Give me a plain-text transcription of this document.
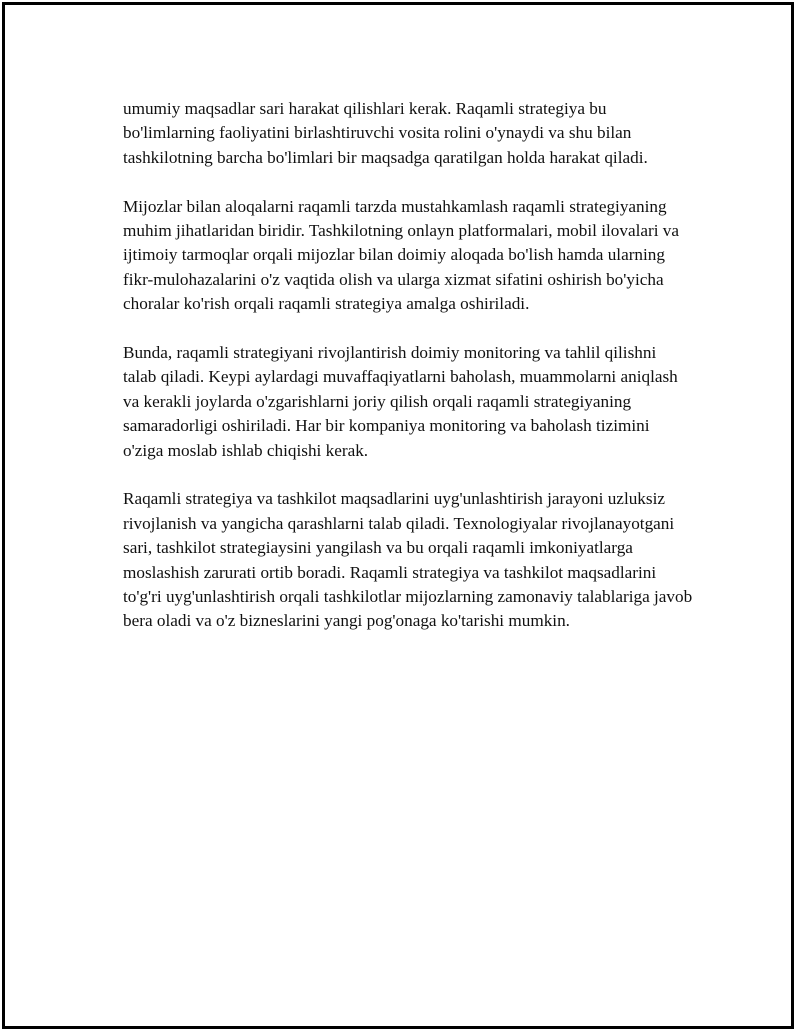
umumiy maqsadlar sari harakat qilishlari kerak. Raqamli strategiya bu bo'limlarning faoliyatini birlashtiruvchi vosita rolini o'ynaydi va shu bilan tashkilotning barcha bo'limlari bir maqsadga qaratilgan holda harakat qiladi.

Mijozlar bilan aloqalarni raqamli tarzda mustahkamlash raqamli strategiyaning muhim jihatlaridan biridir. Tashkilotning onlayn platformalari, mobil ilovalari va ijtimoiy tarmoqlar orqali mijozlar bilan doimiy aloqada bo'lish hamda ularning fikr-mulohazalarini o'z vaqtida olish va ularga xizmat sifatini oshirish bo'yicha choralar ko'rish orqali raqamli strategiya amalga oshiriladi.

Bunda, raqamli strategiyani rivojlantirish doimiy monitoring va tahlil qilishni talab qiladi. Keypi aylardagi muvaffaqiyatlarni baholash, muammolarni aniqlash va kerakli joylarda o'zgarishlarni joriy qilish orqali raqamli strategiyaning samaradorligi oshiriladi. Har bir kompaniya monitoring va baholash tizimini o'ziga moslab ishlab chiqishi kerak.

Raqamli strategiya va tashkilot maqsadlarini uyg'unlashtirish jarayoni uzluksiz rivojlanish va yangicha qarashlarni talab qiladi. Texnologiyalar rivojlanayotgani sari, tashkilot strategiaysini yangilash va bu orqali raqamli imkoniyatlarga moslashish zarurati ortib boradi. Raqamli strategiya va tashkilot maqsadlarini to'g'ri uyg'unlashtirish orqali tashkilotlar mijozlarning zamonaviy talablariga javob bera oladi va o'z bizneslarini yangi pog'onaga ko'tarishi mumkin.
